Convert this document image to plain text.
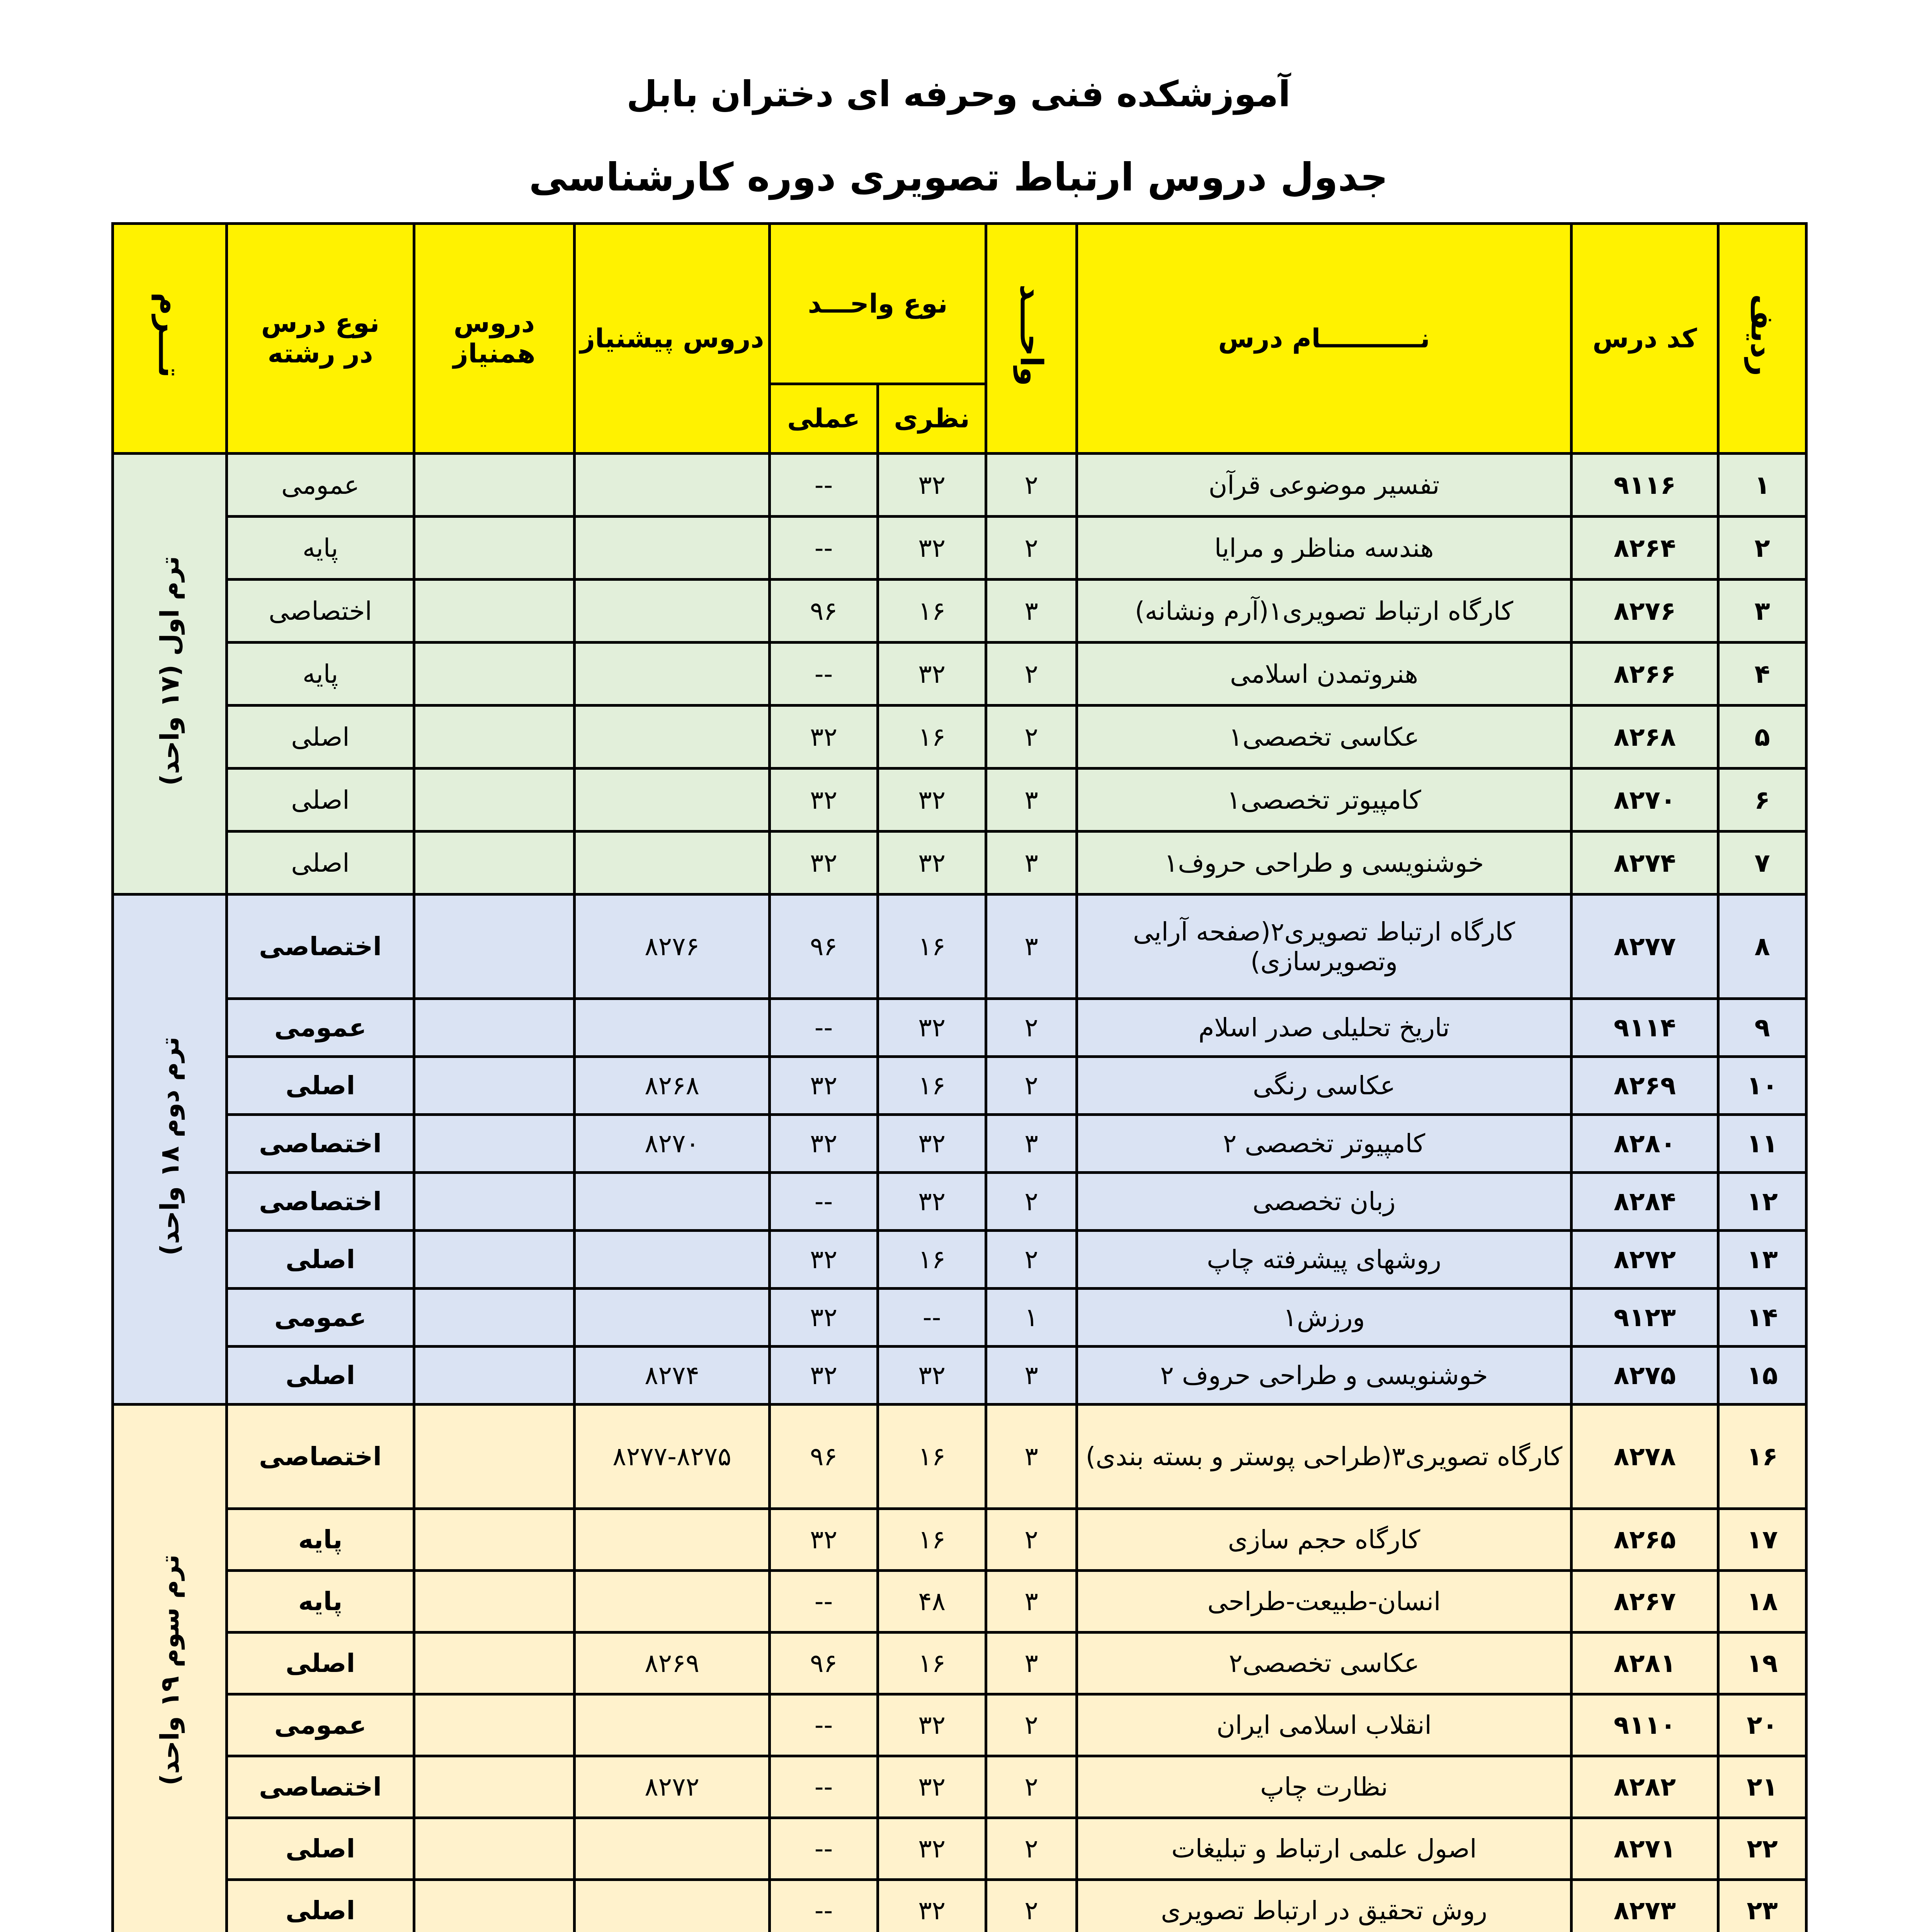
آموزشکده فنی وحرفه ای دختران بابل
جدول دروس ارتباط تصویری دوره کارشناسی
ردیف	کد درس	نـــــــــــام درس	واحـــد	نوع واحـــد		دروس پیشنیاز	دروس همنیاز	نوع درس در رشته	تـــرم
				نظری	عملی				
۱	۹۱۱۶	تفسیر موضوعی قرآن	۲	۳۲	--			عمومی	ترم اول (۱۷ واحد)
۲	۸۲۶۴	هندسه مناظر و مرایا	۲	۳۲	--			پایه	
۳	۸۲۷۶	کارگاه ارتباط تصویری۱(آرم ونشانه)	۳	۱۶	۹۶			اختصاصی	
۴	۸۲۶۶	هنروتمدن اسلامی	۲	۳۲	--			پایه	
۵	۸۲۶۸	عکاسی تخصصی۱	۲	۱۶	۳۲			اصلی	
۶	۸۲۷۰	کامپیوتر تخصصی۱	۳	۳۲	۳۲			اصلی	
۷	۸۲۷۴	خوشنویسی و طراحی حروف۱	۳	۳۲	۳۲			اصلی	
۸	۸۲۷۷	کارگاه ارتباط تصویری۲(صفحه آرایی وتصویرسازی)	۳	۱۶	۹۶	۸۲۷۶		اختصاصی	ترم دوم ۱۸ واحد)
۹	۹۱۱۴	تاریخ تحلیلی صدر اسلام	۲	۳۲	--			عمومی	
۱۰	۸۲۶۹	عکاسی رنگی	۲	۱۶	۳۲	۸۲۶۸		اصلی	
۱۱	۸۲۸۰	کامپیوتر تخصصی ۲	۳	۳۲	۳۲	۸۲۷۰		اختصاصی	
۱۲	۸۲۸۴	زبان تخصصی	۲	۳۲	--			اختصاصی	
۱۳	۸۲۷۲	روشهای پیشرفته چاپ	۲	۱۶	۳۲			اصلی	
۱۴	۹۱۲۳	ورزش۱	۱	--	۳۲			عمومی	
۱۵	۸۲۷۵	خوشنویسی و طراحی حروف ۲	۳	۳۲	۳۲	۸۲۷۴		اصلی	
۱۶	۸۲۷۸	کارگاه تصویری۳(طراحی پوستر و بسته بندی)	۳	۱۶	۹۶	۸۲۷۷-۸۲۷۵		اختصاصی	ترم سوم ۱۹ واحد)
۱۷	۸۲۶۵	کارگاه حجم سازی	۲	۱۶	۳۲			پایه	
۱۸	۸۲۶۷	انسان-طبیعت-طراحی	۳	۴۸	--			پایه	
۱۹	۸۲۸۱	عکاسی تخصصی۲	۳	۱۶	۹۶	۸۲۶۹		اصلی	
۲۰	۹۱۱۰	انقلاب اسلامی ایران	۲	۳۲	--			عمومی	
۲۱	۸۲۸۲	نظارت چاپ	۲	۳۲	--	۸۲۷۲		اختصاصی	
۲۲	۸۲۷۱	اصول علمی ارتباط و تبلیغات	۲	۳۲	--			اصلی	
۲۳	۸۲۷۳	روش تحقیق در ارتباط تصویری	۲	۳۲	--			اصلی	
